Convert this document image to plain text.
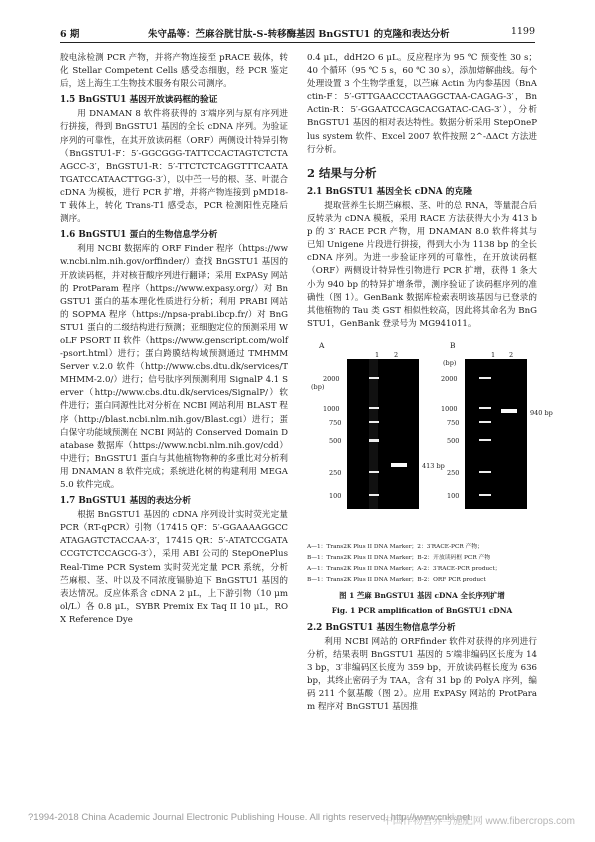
6 期	朱守晶等：苎麻谷胱甘肽-S-转移酶基因 BnGSTU1 的克隆和表达分析	1199

胶电泳检测 PCR 产物，并将产物连接至 pRACE 载体，转化 Stellar Competent Cells 感受态细胞，经 PCR 鉴定后，送上海生工生物技术服务有限公司测序。

1.5 BnGSTU1 基因开放读码框的验证

用 DNAMAN 8 软件将获得的 3′端序列与原有序列进行拼接，得到 BnGSTU1 基因的全长 cDNA 序列。为验证序列的可靠性，在其开放读码框（ORF）两侧设计特异引物（BnGSTU1-F：5′-GGCGGG-TATTCCACTAGTCTCTAAGCC-3′，BnGSTU1-R：5′-TTCTCTCAGGTTTCAATATGATCCATAACTTGG-3′），以中苎一号的根、茎、叶混合 cDNA 为模板，进行 PCR 扩增，并将产物连接到 pMD18-T 载体上，转化 Trans-T1 感受态，PCR 检测阳性克隆后测序。

1.6 BnGSTU1 蛋白的生物信息学分析

利用 NCBI 数据库的 ORF Finder 程序（https://www.ncbi.nlm.nih.gov/orffinder/）查找 BnGSTU1 基因的开放读码框，并对核苷酸序列进行翻译；采用 ExPASy 网站的 ProtParam 程序（https://www.expasy.org/）对 BnGSTU1 蛋白的基本理化性质进行分析；利用 PRABI 网站的 SOPMA 程序（https://npsa-prabi.ibcp.fr/）对 BnGSTU1 蛋白的二级结构进行预测；亚细胞定位的预测采用 WoLF PSORT II 软件（https://www.genscript.com/wolf-psort.html）进行；蛋白跨膜结构域预测通过 TMHMM Server v.2.0 软件（http://www.cbs.dtu.dk/services/TMHMM-2.0/）进行；信号肽序列预测利用 SignalP 4.1 Server（http://www.cbs.dtu.dk/services/SignalP/）软件进行；蛋白同源性比对分析在 NCBI 网站利用 BLAST 程序（http://blast.ncbi.nlm.nih.gov/Blast.cgi）进行；蛋白保守功能域预测在 NCBI 网站的 Conserved Domain Database 数据库（https://www.ncbi.nlm.nih.gov/cdd）中进行；BnGSTU1 蛋白与其他植物物种的多重比对分析利用 DNAMAN 8 软件完成；系统进化树的构建利用 MEGA 5.0 软件完成。

1.7 BnGSTU1 基因的表达分析

根据 BnGSTU1 基因的 cDNA 序列设计实时荧光定量 PCR（RT-qPCR）引物（17415 QF：5′-GGAAAAGGCCATAGAGTCTACCAA-3′，17415 QR：5′-ATATCCGATACCGTCTCCAGCG-3′），采用 ABI 公司的 StepOnePlus Real-Time PCR System 实时荧光定量 PCR 系统，分析苎麻根、茎、叶以及不同浓度镉胁迫下 BnGSTU1 基因的表达情况。反应体系含 cDNA 2 μL，上下游引物（10 μmol/L）各 0.8 μL，SYBR Premix Ex Taq II 10 μL，ROX Reference Dye

0.4 μL，ddH2O 6 μL。反应程序为 95 ℃ 预变性 30 s；40 个循环（95 ℃ 5 s，60 ℃ 30 s），添加熔解曲线。每个处理设置 3 个生物学重复，以苎麻 Actin 为内参基因（BnActin-F：5′-GTTGAACCCTAAGGCTAA-CAGAG-3′，BnActin-R：5′-GGAATCCAGCACGATAC-CAG-3′），分析 BnGSTU1 基因的相对表达特性。数据分析采用 StepOnePlus system 软件、Excel 2007 软件按照 2^-ΔΔCt 方法进行分析。

2 结果与分析
2.1 BnGSTU1 基因全长 cDNA 的克隆

提取营养生长期苎麻根、茎、叶的总 RNA，等量混合后反转录为 cDNA 模板，采用 RACE 方法获得大小为 413 bp 的 3′ RACE PCR 产物，用 DNAMAN 8.0 软件将其与已知 Unigene 片段进行拼接，得到大小为 1138 bp 的全长 cDNA 序列。为进一步验证序列的可靠性，在开放读码框（ORF）两侧设计特异性引物进行 PCR 扩增，获得 1 条大小为 940 bp 的特异扩增条带，测序验证了读码框序列的准确性（图 1）。GenBank 数据库检索表明该基因与已登录的其他植物的 Tau 类 GST 相似性较高，因此将其命名为 BnGSTU1，GenBank 登录号为 MG941011。

A
(bp)
1 2
2000
1000
750
500
250
100
413 bp
B
(bp)
1 2
2000
1000
750
500
250
100
940 bp

A—1：Trans2K Plus II DNA Marker；2：3′RACE-PCR 产物；

B—1：Trans2K Plus II DNA Marker；B-2：开放读码框 PCR 产物

A—1：Trans2K Plus II DNA Marker；A-2：3′RACE-PCR product；

B—1：Trans2K Plus II DNA Marker；B-2：ORF PCR product

图 1 苎麻 BnGSTU1 基因 cDNA 全长序列扩增

Fig. 1 PCR amplification of BnGSTU1 cDNA

2.2 BnGSTU1 基因生物信息学分析

利用 NCBI 网站的 ORFfinder 软件对获得的序列进行分析，结果表明 BnGSTU1 基因的 5′端非编码区长度为 143 bp，3′非编码区长度为 359 bp，开放读码框长度为 636 bp，其终止密码子为 TAA，含有 31 bp 的 PolyA 序列，编码 211 个氨基酸（图 2）。应用 ExPASy 网站的 ProtParam 程序对 BnGSTU1 基因推

?1994-2018 China Academic Journal Electronic Publishing House. All rights reserved. http://www.cnki.net
中国作物营养与施肥网 www.fibercrops.com
